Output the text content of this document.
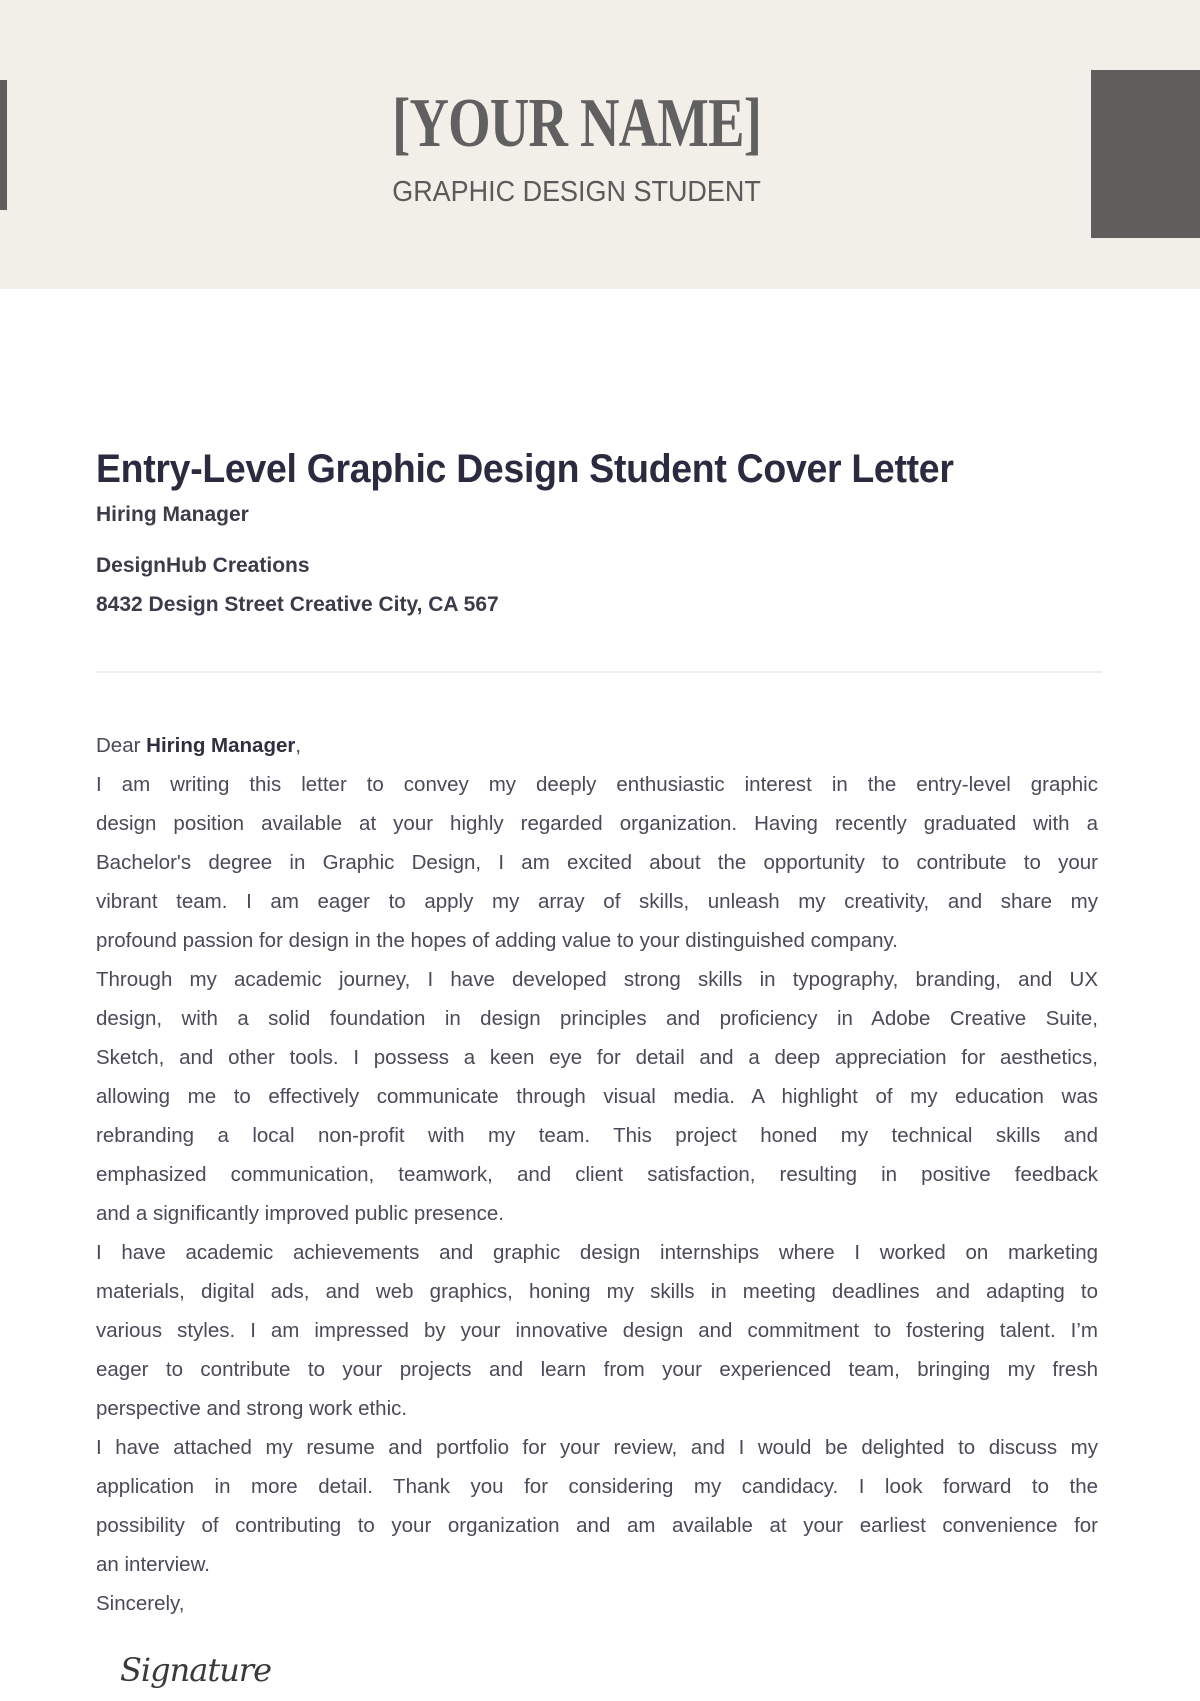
[YOUR NAME]
GRAPHIC DESIGN STUDENT
Entry-Level Graphic Design Student Cover Letter
Hiring Manager
DesignHub Creations
8432 Design Street Creative City, CA 567
Dear Hiring Manager,
I am writing this letter to convey my deeply enthusiastic interest in the entry-level graphic
design position available at your highly regarded organization. Having recently graduated with a
Bachelor's degree in Graphic Design, I am excited about the opportunity to contribute to your
vibrant team. I am eager to apply my array of skills, unleash my creativity, and share my
profound passion for design in the hopes of adding value to your distinguished company.
Through my academic journey, I have developed strong skills in typography, branding, and UX
design, with a solid foundation in design principles and proficiency in Adobe Creative Suite,
Sketch, and other tools. I possess a keen eye for detail and a deep appreciation for aesthetics,
allowing me to effectively communicate through visual media. A highlight of my education was
rebranding a local non-profit with my team. This project honed my technical skills and
emphasized communication, teamwork, and client satisfaction, resulting in positive feedback
and a significantly improved public presence.
I have academic achievements and graphic design internships where I worked on marketing
materials, digital ads, and web graphics, honing my skills in meeting deadlines and adapting to
various styles. I am impressed by your innovative design and commitment to fostering talent. I’m
eager to contribute to your projects and learn from your experienced team, bringing my fresh
perspective and strong work ethic.
I have attached my resume and portfolio for your review, and I would be delighted to discuss my
application in more detail. Thank you for considering my candidacy. I look forward to the
possibility of contributing to your organization and am available at your earliest convenience for
an interview.
Sincerely,
Signature
